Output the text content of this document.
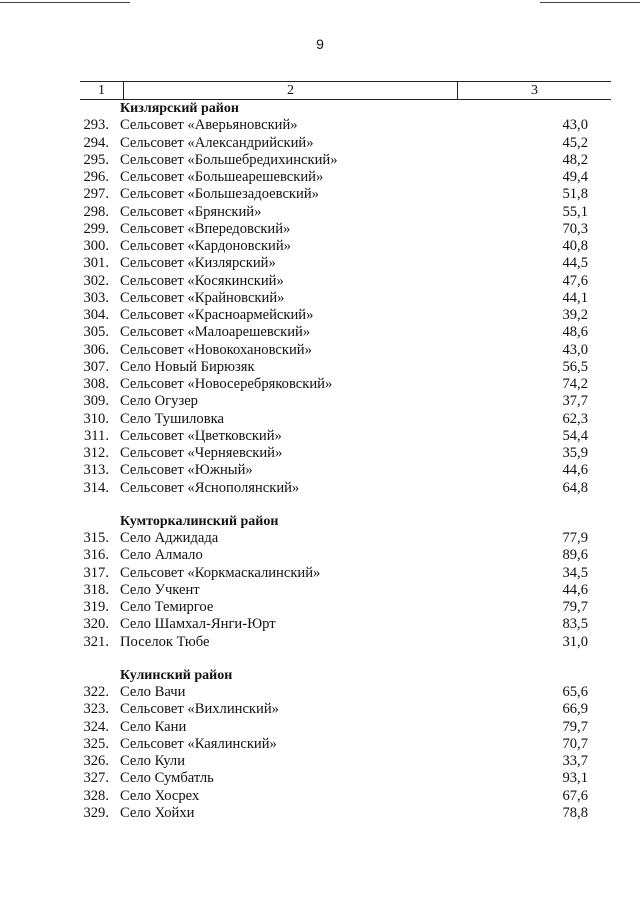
9
1	2	3
Кизлярский район
293. Сельсовет «Аверьяновский»	43,0
294. Сельсовет «Александрийский»	45,2
295. Сельсовет «Большебредихинский»	48,2
296. Сельсовет «Большеарешевский»	49,4
297. Сельсовет «Большезадоевский»	51,8
298. Сельсовет «Брянский»	55,1
299. Сельсовет «Впередовский»	70,3
300. Сельсовет «Кардоновский»	40,8
301. Сельсовет «Кизлярский»	44,5
302. Сельсовет «Косякинский»	47,6
303. Сельсовет «Крайновский»	44,1
304. Сельсовет «Красноармейский»	39,2
305. Сельсовет «Малоарешевский»	48,6
306. Сельсовет «Новокохановский»	43,0
307. Село Новый Бирюзяк	56,5
308. Сельсовет «Новосеребряковский»	74,2
309. Село Огузер	37,7
310. Село Тушиловка	62,3
311. Сельсовет «Цветковский»	54,4
312. Сельсовет «Черняевский»	35,9
313. Сельсовет «Южный»	44,6
314. Сельсовет «Яснополянский»	64,8
Кумторкалинский район
315. Село Аджидада	77,9
316. Село Алмало	89,6
317. Сельсовет «Коркмаскалинский»	34,5
318. Село Учкент	44,6
319. Село Темиргое	79,7
320. Село Шамхал-Янги-Юрт	83,5
321. Поселок Тюбе	31,0
Кулинский район
322. Село Вачи	65,6
323. Сельсовет «Вихлинский»	66,9
324. Село Кани	79,7
325. Сельсовет «Каялинский»	70,7
326. Село Кули	33,7
327. Село Сумбатль	93,1
328. Село Хосрех	67,6
329. Село Хойхи	78,8
